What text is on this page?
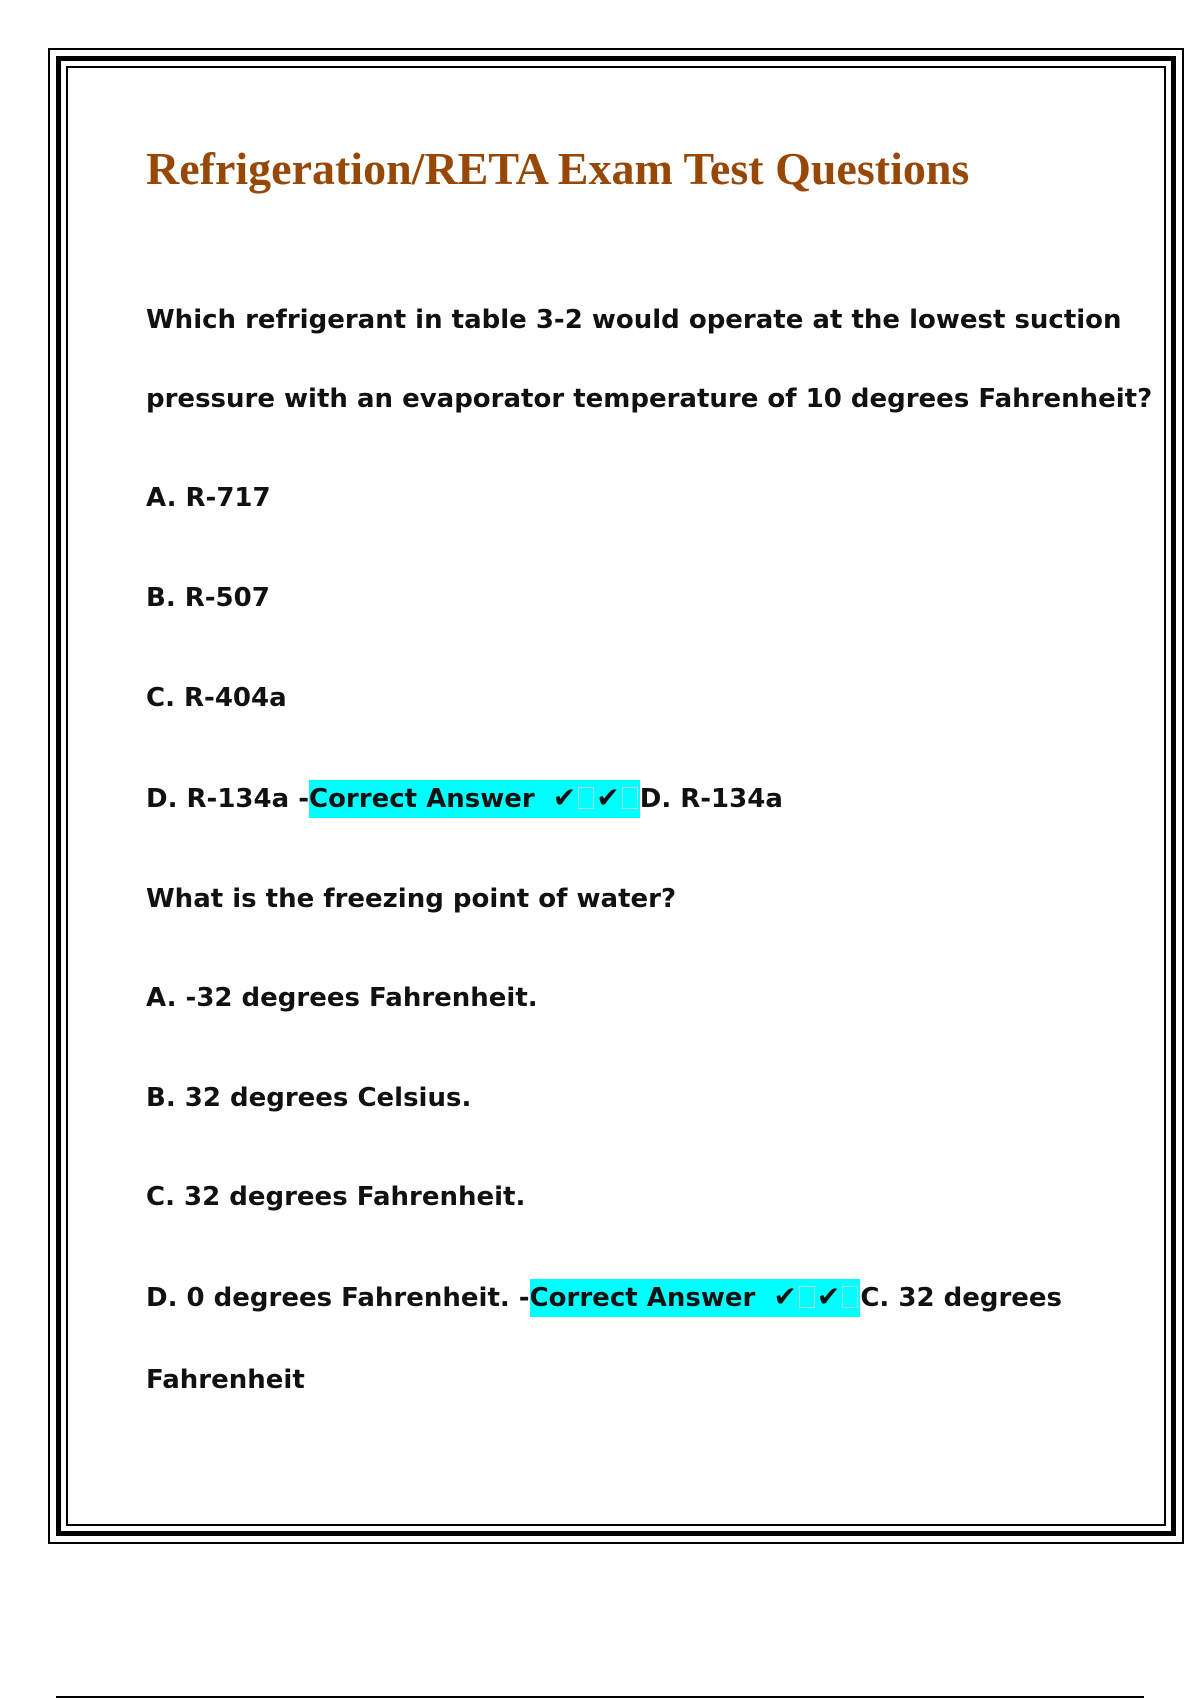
Refrigeration/RETA Exam Test Questions
Which refrigerant in table 3-2 would operate at the lowest suction
pressure with an evaporator temperature of 10 degrees Fahrenheit?
A. R-717
B. R-507
C. R-404a
D. R-134a -Correct Answer ✔ ✔ D. R-134a
What is the freezing point of water?
A. -32 degrees Fahrenheit.
B. 32 degrees Celsius.
C. 32 degrees Fahrenheit.
D. 0 degrees Fahrenheit. -Correct Answer ✔ ✔ C. 32 degrees
Fahrenheit
